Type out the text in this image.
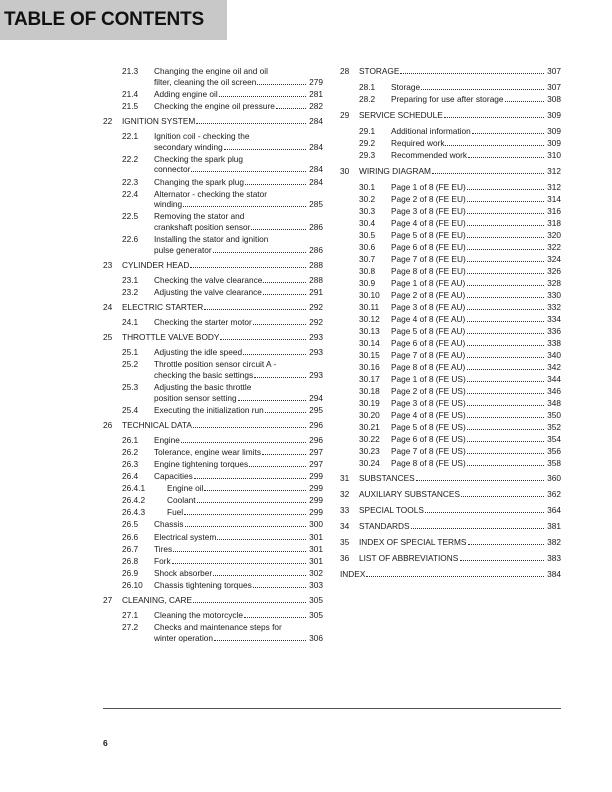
TABLE OF CONTENTS
21.3 Changing the engine oil and oil
filter, cleaning the oil screen	279
21.4 Adding engine oil	281
21.5 Checking the engine oil pressure	282
22 IGNITION SYSTEM	284
22.1 Ignition coil - checking the
secondary winding	284
22.2 Checking the spark plug
connector	284
22.3 Changing the spark plug	284
22.4 Alternator - checking the stator
winding	285
22.5 Removing the stator and
crankshaft position sensor	286
22.6 Installing the stator and ignition
pulse generator	286
23 CYLINDER HEAD	288
23.1 Checking the valve clearance	288
23.2 Adjusting the valve clearance	291
24 ELECTRIC STARTER	292
24.1 Checking the starter motor	292
25 THROTTLE VALVE BODY	293
25.1 Adjusting the idle speed	293
25.2 Throttle position sensor circuit A -
checking the basic settings	293
25.3 Adjusting the basic throttle
position sensor setting	294
25.4 Executing the initialization run	295
26 TECHNICAL DATA	296
26.1 Engine	296
26.2 Tolerance, engine wear limits	297
26.3 Engine tightening torques	297
26.4 Capacities	299
26.4.1	Engine oil	299
26.4.2	Coolant	299
26.4.3	Fuel	299
26.5 Chassis	300
26.6 Electrical system	301
26.7 Tires	301
26.8 Fork	301
26.9 Shock absorber	302
26.10 Chassis tightening torques	303
27 CLEANING, CARE	305
27.1 Cleaning the motorcycle	305
27.2 Checks and maintenance steps for
winter operation	306
28 STORAGE	307
28.1 Storage	307
28.2 Preparing for use after storage	308
29 SERVICE SCHEDULE	309
29.1 Additional information	309
29.2 Required work	309
29.3 Recommended work	310
30 WIRING DIAGRAM	312
30.1 Page 1 of 8 (FE EU)	312
30.2 Page 2 of 8 (FE EU)	314
30.3 Page 3 of 8 (FE EU)	316
30.4 Page 4 of 8 (FE EU)	318
30.5 Page 5 of 8 (FE EU)	320
30.6 Page 6 of 8 (FE EU)	322
30.7 Page 7 of 8 (FE EU)	324
30.8 Page 8 of 8 (FE EU)	326
30.9 Page 1 of 8 (FE AU)	328
30.10 Page 2 of 8 (FE AU)	330
30.11 Page 3 of 8 (FE AU)	332
30.12 Page 4 of 8 (FE AU)	334
30.13 Page 5 of 8 (FE AU)	336
30.14 Page 6 of 8 (FE AU)	338
30.15 Page 7 of 8 (FE AU)	340
30.16 Page 8 of 8 (FE AU)	342
30.17 Page 1 of 8 (FE US)	344
30.18 Page 2 of 8 (FE US)	346
30.19 Page 3 of 8 (FE US)	348
30.20 Page 4 of 8 (FE US)	350
30.21 Page 5 of 8 (FE US)	352
30.22 Page 6 of 8 (FE US)	354
30.23 Page 7 of 8 (FE US)	356
30.24 Page 8 of 8 (FE US)	358
31 SUBSTANCES	360
32 AUXILIARY SUBSTANCES	362
33 SPECIAL TOOLS	364
34 STANDARDS	381
35 INDEX OF SPECIAL TERMS	382
36 LIST OF ABBREVIATIONS	383
INDEX	384
6
